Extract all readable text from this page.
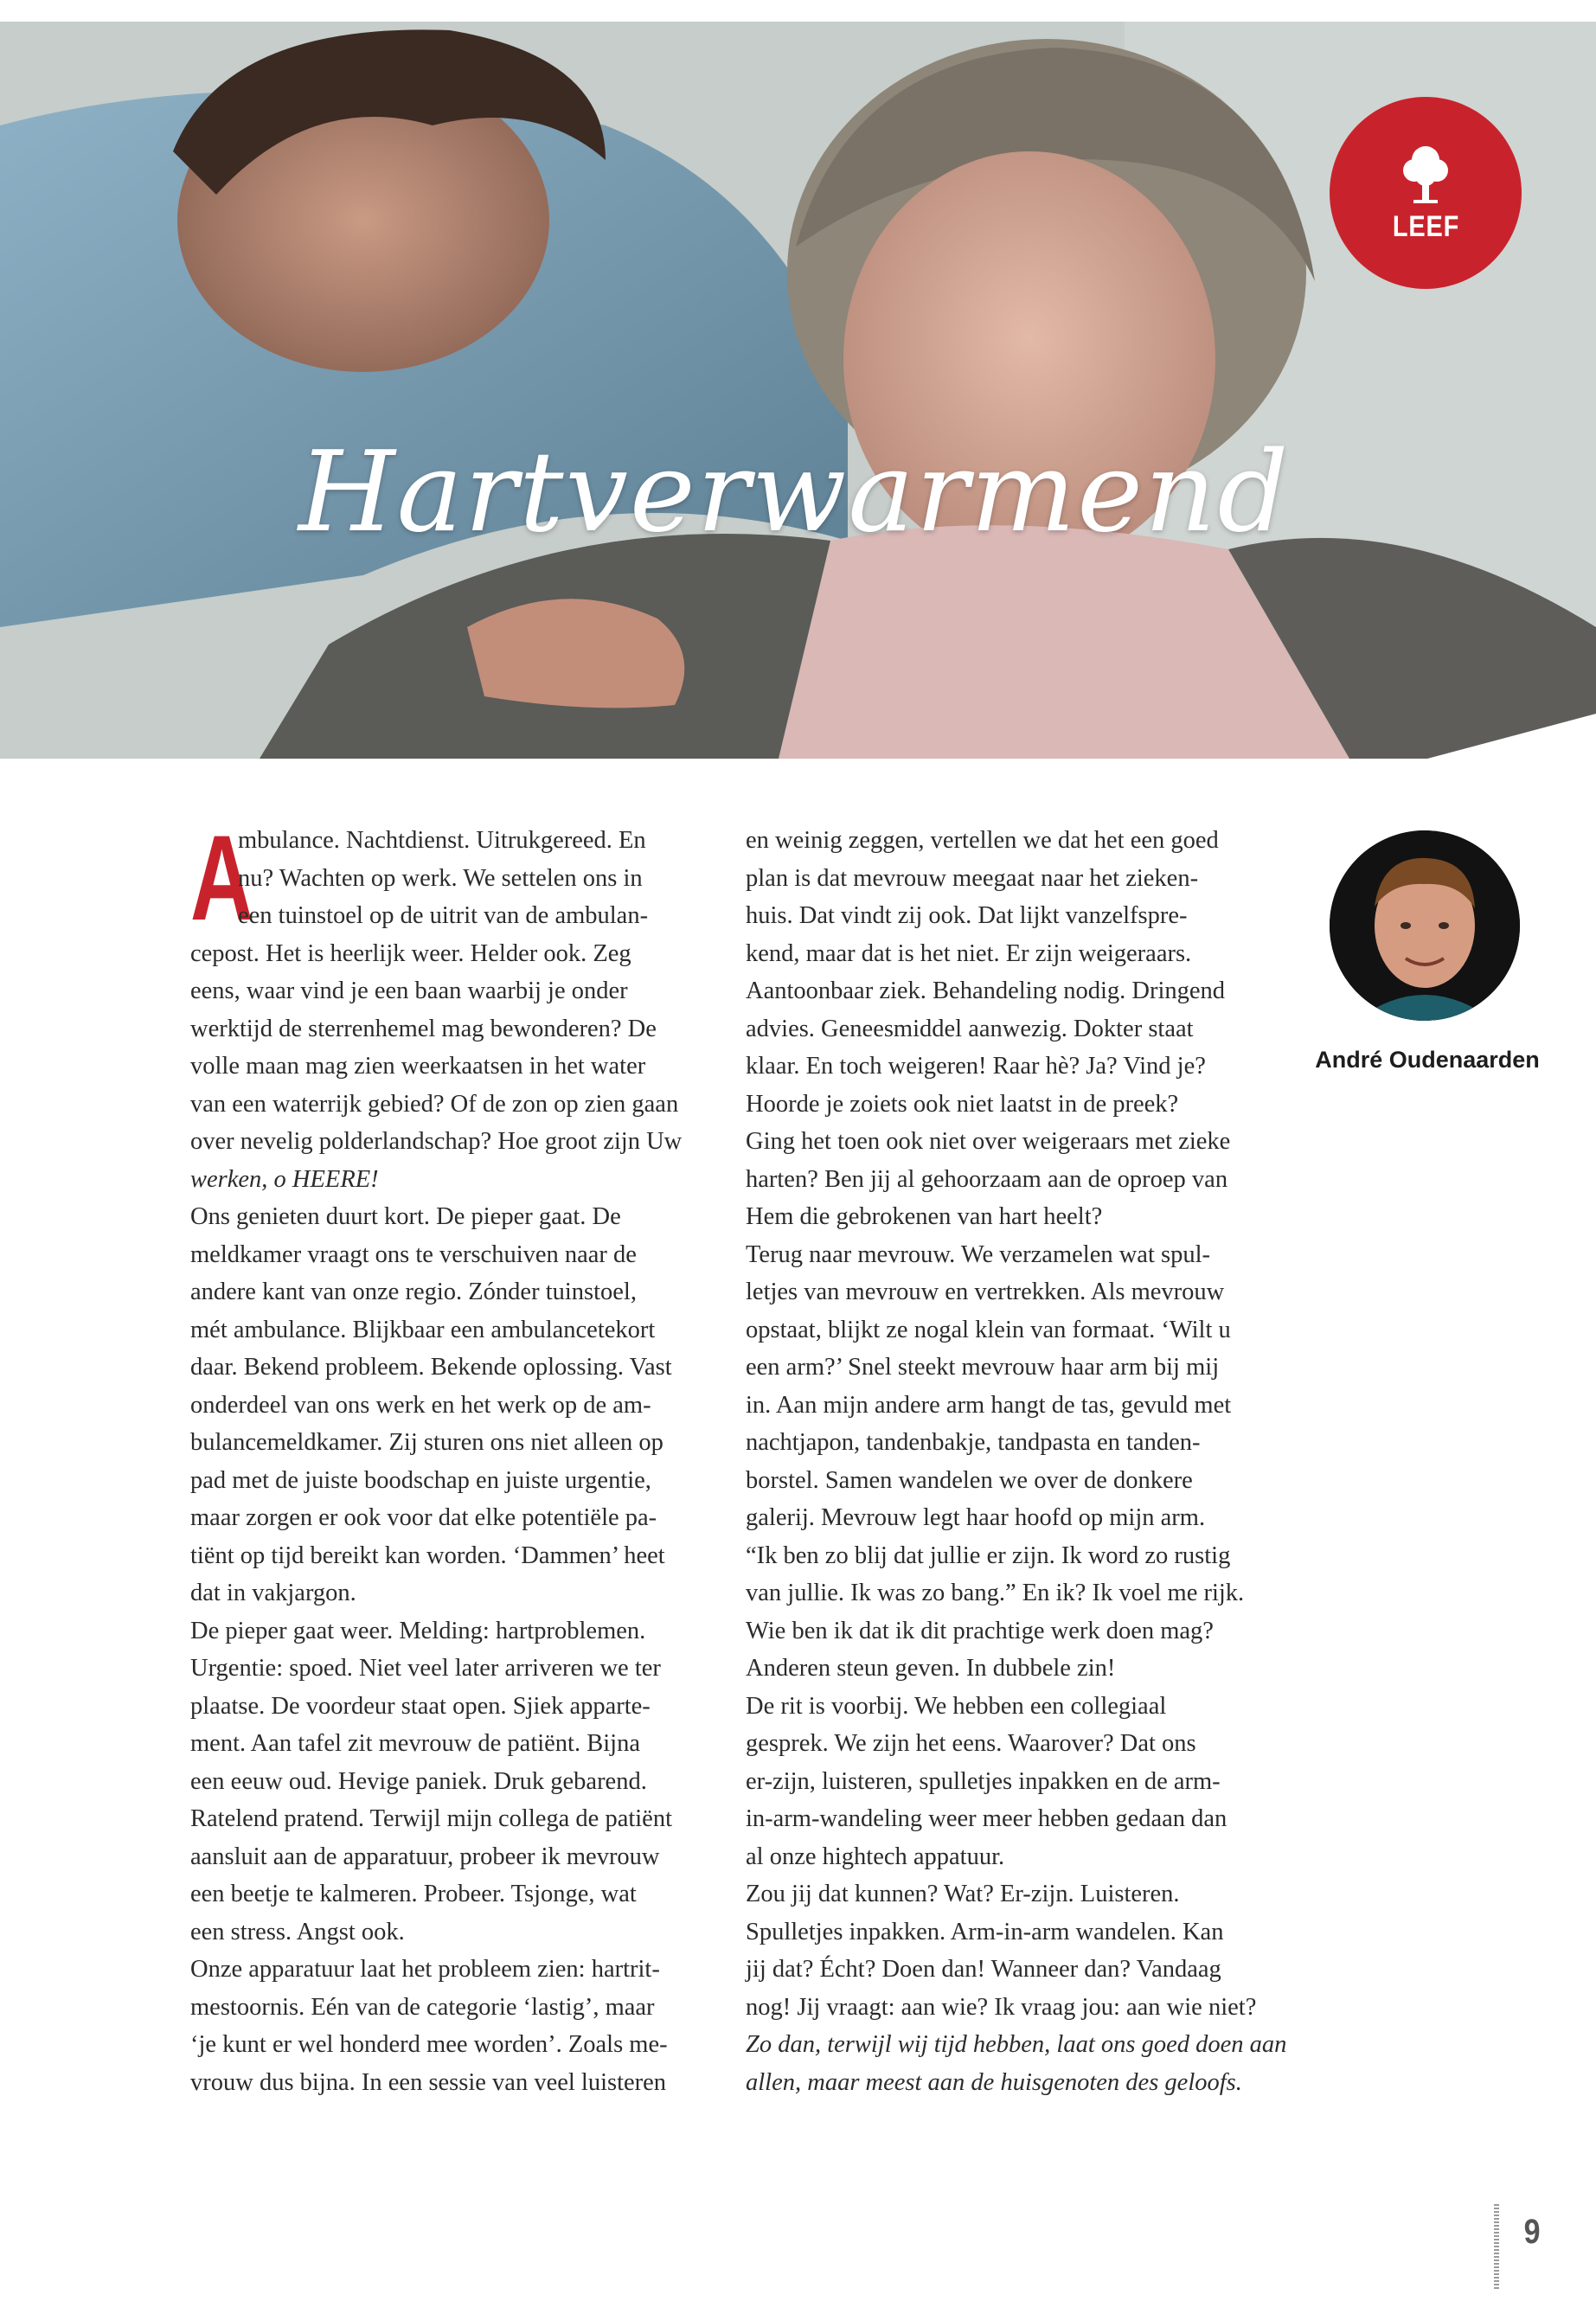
Hartverwarmend
LEEF
A
mbulance. Nachtdienst. Uitrukgereed. En
nu? Wachten op werk. We settelen ons in
een tuinstoel op de uitrit van de ambulan-
cepost. Het is heerlijk weer. Helder ook. Zeg
eens, waar vind je een baan waarbij je onder
werktijd de sterrenhemel mag bewonderen? De
volle maan mag zien weerkaatsen in het water
van een waterrijk gebied? Of de zon op zien gaan
over nevelig polderlandschap? Hoe groot zijn Uw
werken, o HEERE!
Ons genieten duurt kort. De pieper gaat. De
meldkamer vraagt ons te verschuiven naar de
andere kant van onze regio. Zónder tuinstoel,
mét ambulance. Blijkbaar een ambulancetekort
daar. Bekend probleem. Bekende oplossing. Vast
onderdeel van ons werk en het werk op de am-
bulancemeldkamer. Zij sturen ons niet alleen op
pad met de juiste boodschap en juiste urgentie,
maar zorgen er ook voor dat elke potentiële pa-
tiënt op tijd bereikt kan worden. ‘Dammen’ heet
dat in vakjargon.
De pieper gaat weer. Melding: hartproblemen.
Urgentie: spoed. Niet veel later arriveren we ter
plaatse. De voordeur staat open. Sjiek apparte-
ment. Aan tafel zit mevrouw de patiënt. Bijna
een eeuw oud. Hevige paniek. Druk gebarend.
Ratelend pratend. Terwijl mijn collega de patiënt
aansluit aan de apparatuur, probeer ik mevrouw
een beetje te kalmeren. Probeer. Tsjonge, wat
een stress. Angst ook.
Onze apparatuur laat het probleem zien: hartrit-
mestoornis. Eén van de categorie ‘lastig’, maar
‘je kunt er wel honderd mee worden’. Zoals me-
vrouw dus bijna. In een sessie van veel luisteren
en weinig zeggen, vertellen we dat het een goed
plan is dat mevrouw meegaat naar het zieken-
huis. Dat vindt zij ook. Dat lijkt vanzelfspre-
kend, maar dat is het niet. Er zijn weigeraars.
Aantoonbaar ziek. Behandeling nodig. Dringend
advies. Geneesmiddel aanwezig. Dokter staat
klaar. En toch weigeren! Raar hè? Ja? Vind je?
Hoorde je zoiets ook niet laatst in de preek?
Ging het toen ook niet over weigeraars met zieke
harten? Ben jij al gehoorzaam aan de oproep van
Hem die gebrokenen van hart heelt?
Terug naar mevrouw. We verzamelen wat spul-
letjes van mevrouw en vertrekken. Als mevrouw
opstaat, blijkt ze nogal klein van formaat. ‘Wilt u
een arm?’ Snel steekt mevrouw haar arm bij mij
in. Aan mijn andere arm hangt de tas, gevuld met
nachtjapon, tandenbakje, tandpasta en tanden-
borstel. Samen wandelen we over de donkere
galerij. Mevrouw legt haar hoofd op mijn arm.
“Ik ben zo blij dat jullie er zijn. Ik word zo rustig
van jullie. Ik was zo bang.” En ik? Ik voel me rijk.
Wie ben ik dat ik dit prachtige werk doen mag?
Anderen steun geven. In dubbele zin!
De rit is voorbij. We hebben een collegiaal
gesprek. We zijn het eens. Waarover? Dat ons
er-zijn, luisteren, spulletjes inpakken en de arm-
in-arm-wandeling weer meer hebben gedaan dan
al onze hightech appatuur.
Zou jij dat kunnen? Wat? Er-zijn. Luisteren.
Spulletjes inpakken. Arm-in-arm wandelen. Kan
jij dat? Écht? Doen dan! Wanneer dan? Vandaag
nog! Jij vraagt: aan wie? Ik vraag jou: aan wie niet?
Zo dan, terwijl wij tijd hebben, laat ons goed doen aan
allen, maar meest aan de huisgenoten des geloofs.
André Oudenaarden
9
